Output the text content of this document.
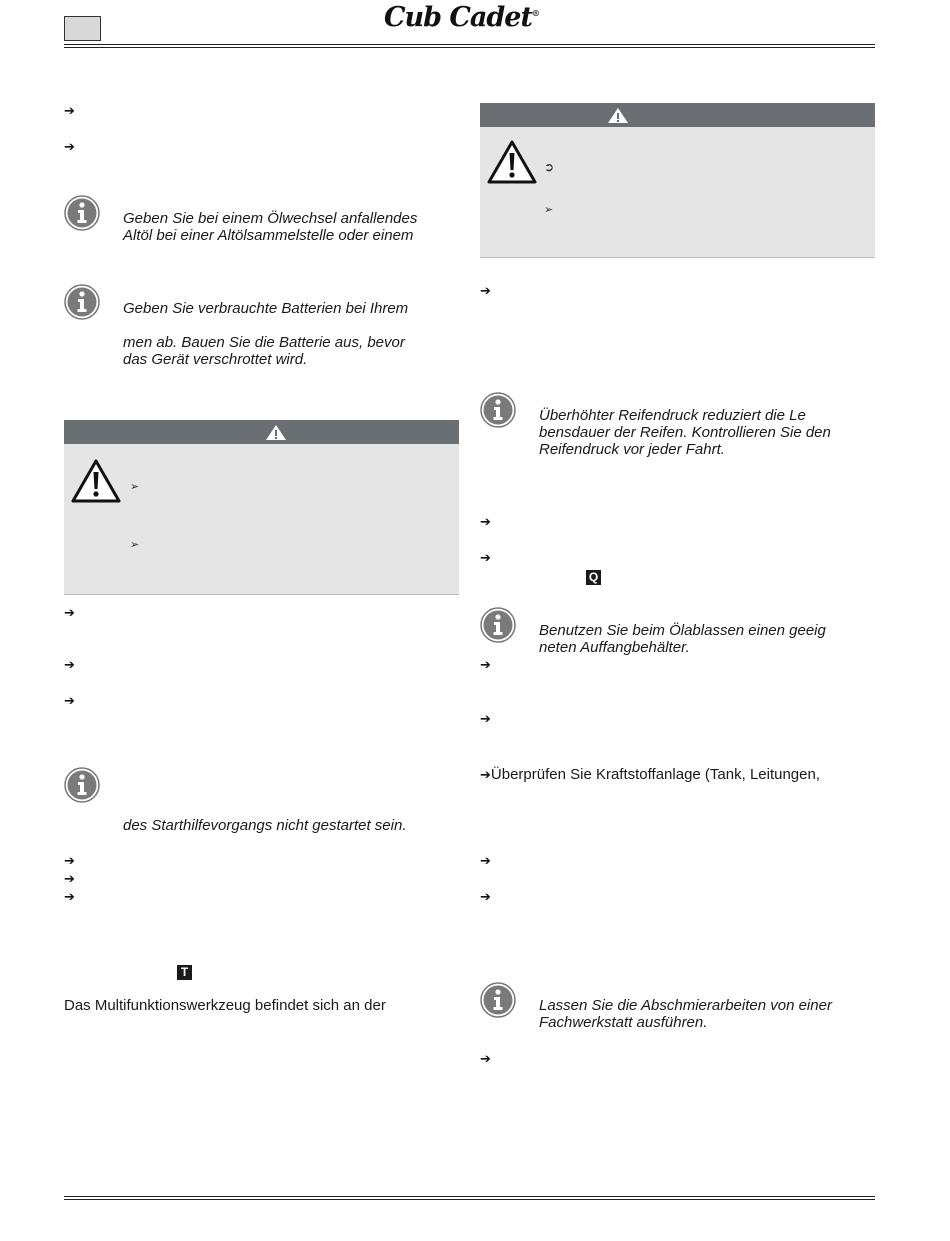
Cub Cadet®
➔
➔
Geben Sie bei einem Ölwechsel anfallendes
Altöl bei einer Altölsammelstelle oder einem
Geben Sie verbrauchte Batterien bei Ihrem
men ab. Bauen Sie die Batterie aus, bevor
das Gerät verschrottet wird.
➢
➢
➔
➔
➔
des Starthilfevorgangs nicht gestartet sein.
➔
➔
➔
T
Das Multifunktionswerkzeug befindet sich an der
➲
➢
➔
Überhöhter Reifendruck reduziert die Le
bensdauer der Reifen. Kontrollieren Sie den
Reifendruck vor jeder Fahrt.
➔
➔
Q
Benutzen Sie beim Ölablassen einen geeig
neten Auffangbehälter.
➔
➔
➔Überprüfen Sie Kraftstoffanlage (Tank, Leitungen,
➔
➔
Lassen Sie die Abschmierarbeiten von einer
Fachwerkstatt ausführen.
➔
